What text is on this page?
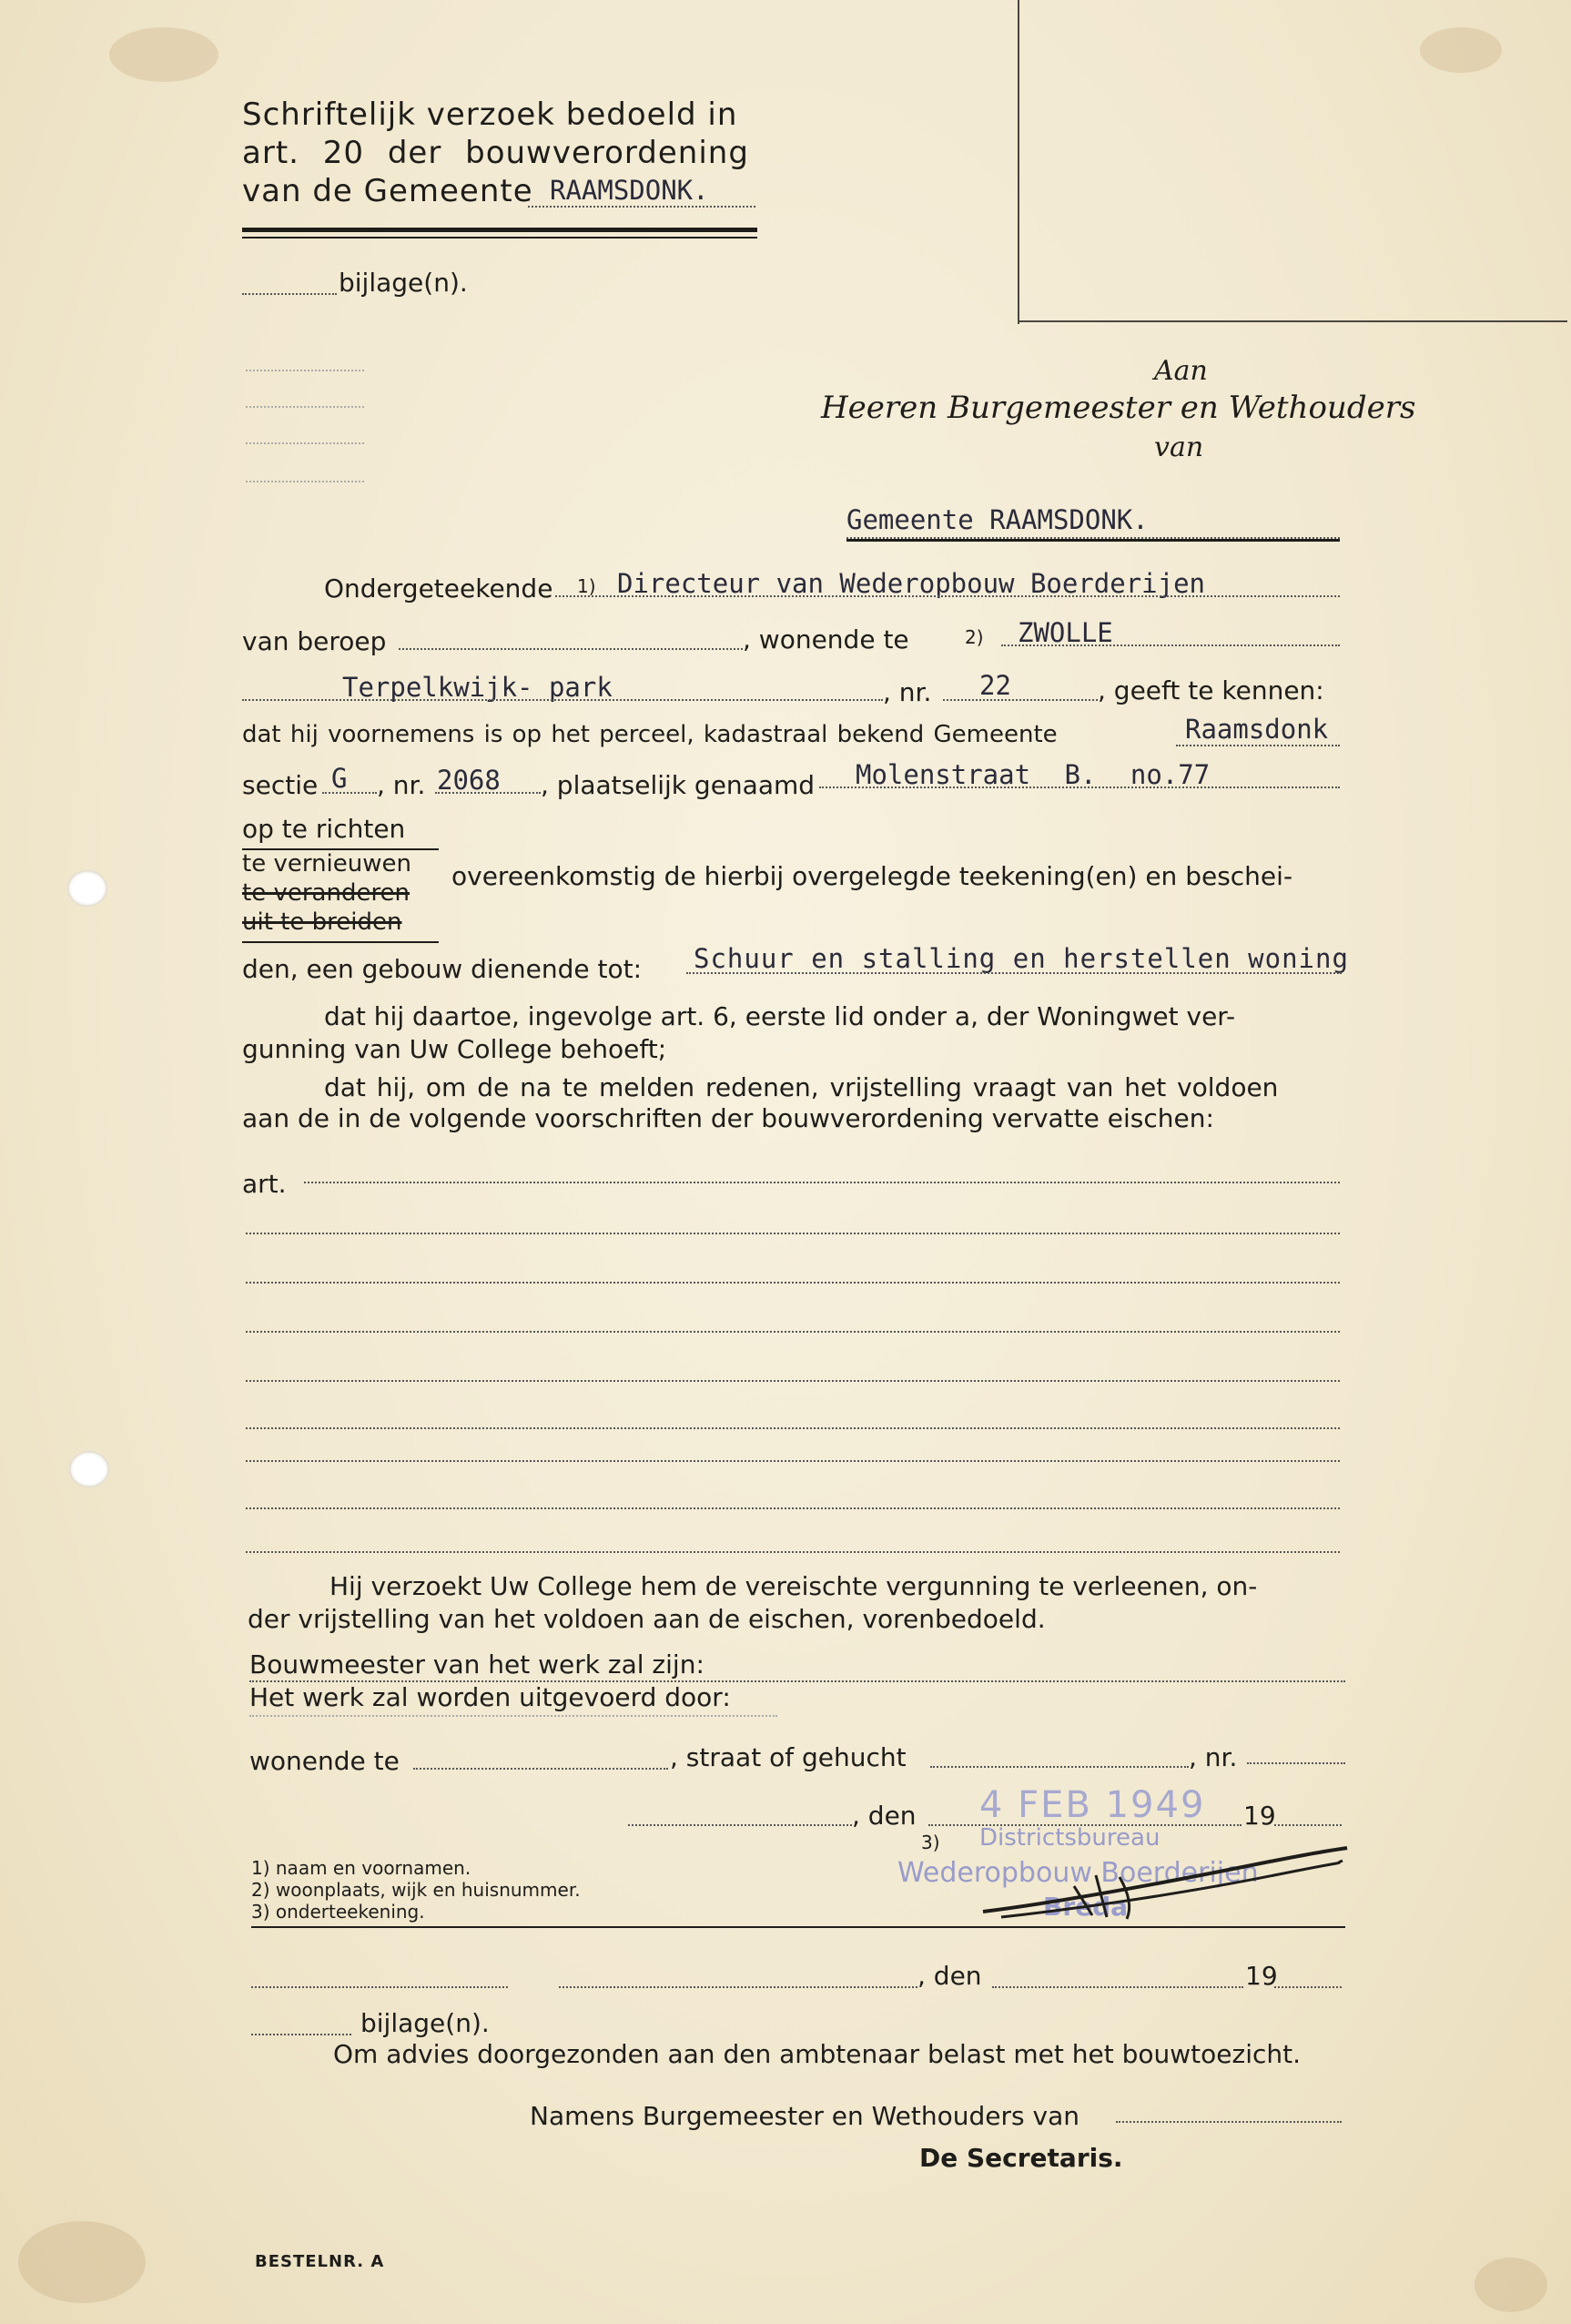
Schriftelijk verzoek bedoeld in
art. 20 der bouwverordening
van de Gemeente RAAMSDONK.
bijlage(n).
Aan
Heeren Burgemeester en Wethouders
van
Gemeente RAAMSDONK.
Ondergeteekende 1) Directeur van Wederopbouw Boerderijen
van beroep	, wonende te	2) ZWOLLE
Terpelkwijk- park	, nr. 22	, geeft te kennen:
dat hij voornemens is op het perceel, kadastraal bekend Gemeente	Raamsdonk
sectie G , nr. 2068 , plaatselijk genaamd Molenstraat B. no.77
op te richten
te vernieuwen
te veranderen
uit te breiden
overeenkomstig de hierbij overgelegde teekening(en) en beschei-
den, een gebouw dienende tot: Schuur en stalling en herstellen woning
dat hij daartoe, ingevolge art. 6, eerste lid onder a, der Woningwet ver-
gunning van Uw College behoeft;
dat hij, om de na te melden redenen, vrijstelling vraagt van het voldoen
aan de in de volgende voorschriften der bouwverordening vervatte eischen:
art.
Hij verzoekt Uw College hem de vereischte vergunning te verleenen, on-
der vrijstelling van het voldoen aan de eischen, vorenbedoeld.
Bouwmeester van het werk zal zijn:
Het werk zal worden uitgevoerd door:
wonende te	, straat of gehucht	, nr.
, den 4 FEB 1949 19
3) Districtsbureau
Wederopbouw Boerderijen
Breda
1) naam en voornamen.
2) woonplaats, wijk en huisnummer.
3) onderteekening.
, den	19
bijlage(n).
Om advies doorgezonden aan den ambtenaar belast met het bouwtoezicht.
Namens Burgemeester en Wethouders van
De Secretaris.
BESTELNR. A
